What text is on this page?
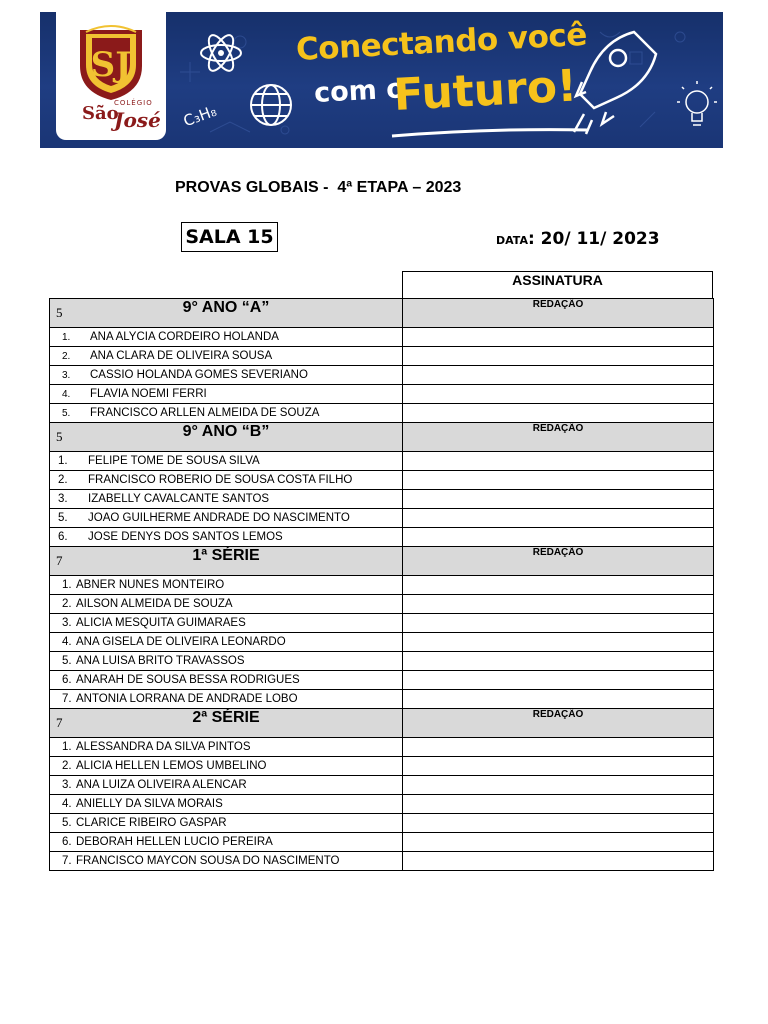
SJ
COLÉGIO
São
José C₃H₈
Conectando você
com o
Futuro!
PROVAS GLOBAIS -  4ª ETAPA – 2023
SALA 15	DATA: 20/ 11/ 2023
ASSINATURA
5 9° ANO “A”	REDAÇÃO

1. ANA ALYCIA CORDEIRO HOLANDA	
2. ANA CLARA DE OLIVEIRA SOUSA	
3. CASSIO HOLANDA GOMES SEVERIANO	
4. FLAVIA NOEMI FERRI	
5. FRANCISCO ARLLEN ALMEIDA DE SOUZA	

5 9° ANO “B”	REDAÇÃO

1. FELIPE TOME DE SOUSA SILVA	
2. FRANCISCO ROBERIO DE SOUSA COSTA FILHO	
3. IZABELLY CAVALCANTE SANTOS	
5. JOAO GUILHERME ANDRADE DO NASCIMENTO	
6. JOSE DENYS DOS SANTOS LEMOS	

7 1ª SÉRIE	REDAÇÃO

1. ABNER NUNES MONTEIRO	
2. AILSON ALMEIDA DE SOUZA	
3. ALICIA MESQUITA GUIMARAES	
4. ANA GISELA DE OLIVEIRA LEONARDO	
5. ANA LUISA BRITO TRAVASSOS	
6. ANARAH DE SOUSA BESSA RODRIGUES	
7. ANTONIA LORRANA DE ANDRADE LOBO	

7 2ª SÉRIE	REDAÇÃO

1. ALESSANDRA DA SILVA PINTOS	
2. ALICIA HELLEN LEMOS UMBELINO	
3. ANA LUIZA OLIVEIRA ALENCAR	
4. ANIELLY DA SILVA MORAIS	
5. CLARICE RIBEIRO GASPAR	
6. DEBORAH HELLEN LUCIO PEREIRA	
7. FRANCISCO MAYCON SOUSA DO NASCIMENTO	
